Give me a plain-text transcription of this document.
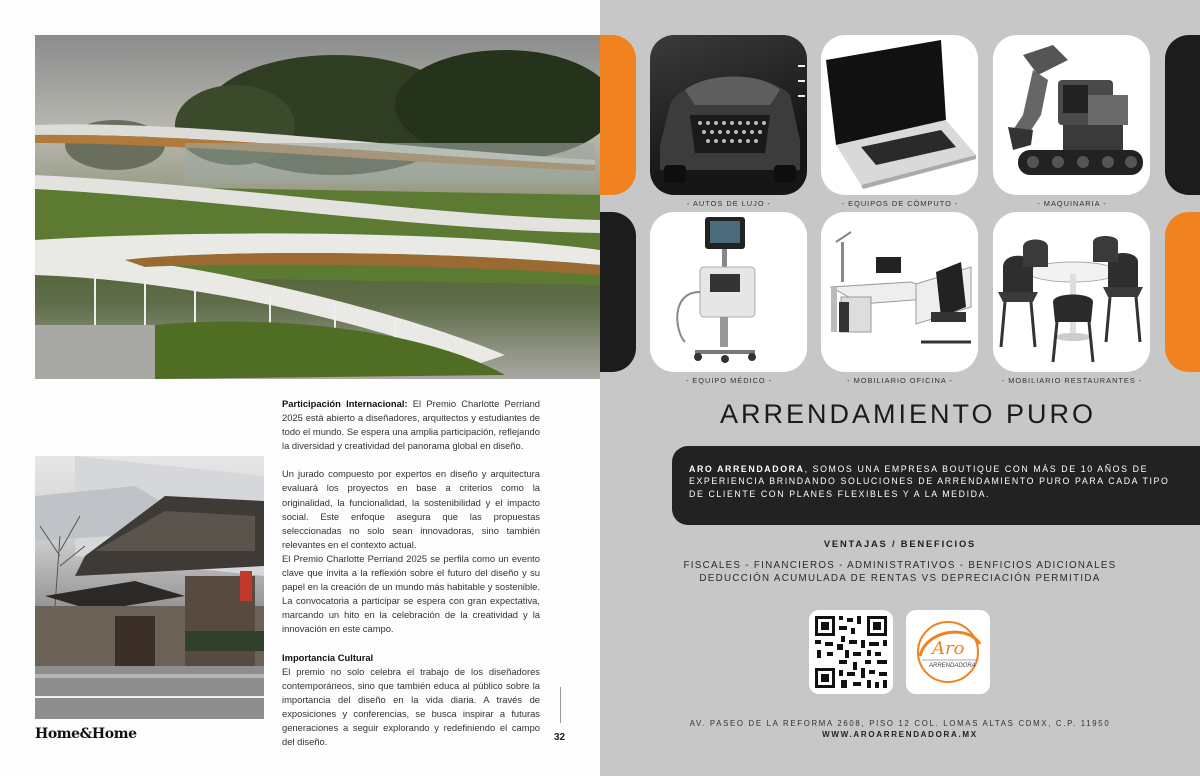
Participación Internacional: El Premio Charlotte Perriand 2025 está abierto a diseñadores, arquitectos y estudiantes de todo el mundo. Se espera una amplia participación, reflejando la diversidad y creatividad del panorama global en diseño.

Un jurado compuesto por expertos en diseño y arquitectura evaluará los proyectos en base a criterios como la originalidad, la funcionalidad, la sostenibilidad y el impacto social. Este enfoque asegura que las propuestas seleccionadas no solo sean innovadoras, sino también relevantes en el contexto actual.

El Premio Charlotte Perriand 2025 se perfila como un evento clave que invita a la reflexión sobre el futuro del diseño y su papel en la creación de un mundo más habitable y sostenible. La convocatoria a participar se espera con gran expectativa, marcando un hito en la celebración de la creatividad y la innovación en este campo.

Importancia Cultural

El premio no solo celebra el trabajo de los diseñadores contemporáneos, sino que también educa al público sobre la importancia del diseño en la vida diaria. A través de exposiciones y conferencias, se busca inspirar a futuras generaciones a seguir explorando y redefiniendo el campo del diseño.

Home&Home	32
- AUTOS DE LUJO -	- EQUIPOS DE CÓMPUTO -	- MAQUINARIA -
- EQUIPO MÉDICO -	- MOBILIARIO OFICINA -	- MOBILIARIO RESTAURANTES -
ARRENDAMIENTO PURO

ARO ARRENDADORA, SOMOS UNA EMPRESA BOUTIQUE CON MÁS DE 10 AÑOS DE EXPERIENCIA BRINDANDO SOLUCIONES DE ARRENDAMIENTO PURO PARA CADA TIPO DE CLIENTE CON PLANES FLEXIBLES Y A LA MEDIDA.

VENTAJAS / BENEFICIOS
FISCALES - FINANCIEROS - ADMINISTRATIVOS - BENFICIOS ADICIONALES
DEDUCCIÓN ACUMULADA DE RENTAS VS DEPRECIACIÓN PERMITIDA
Aro
ARRENDADORA
AV. PASEO DE LA REFORMA 2608, PISO 12 COL. LOMAS ALTAS CDMX, C.P. 11950
WWW.AROARRENDADORA.MX
